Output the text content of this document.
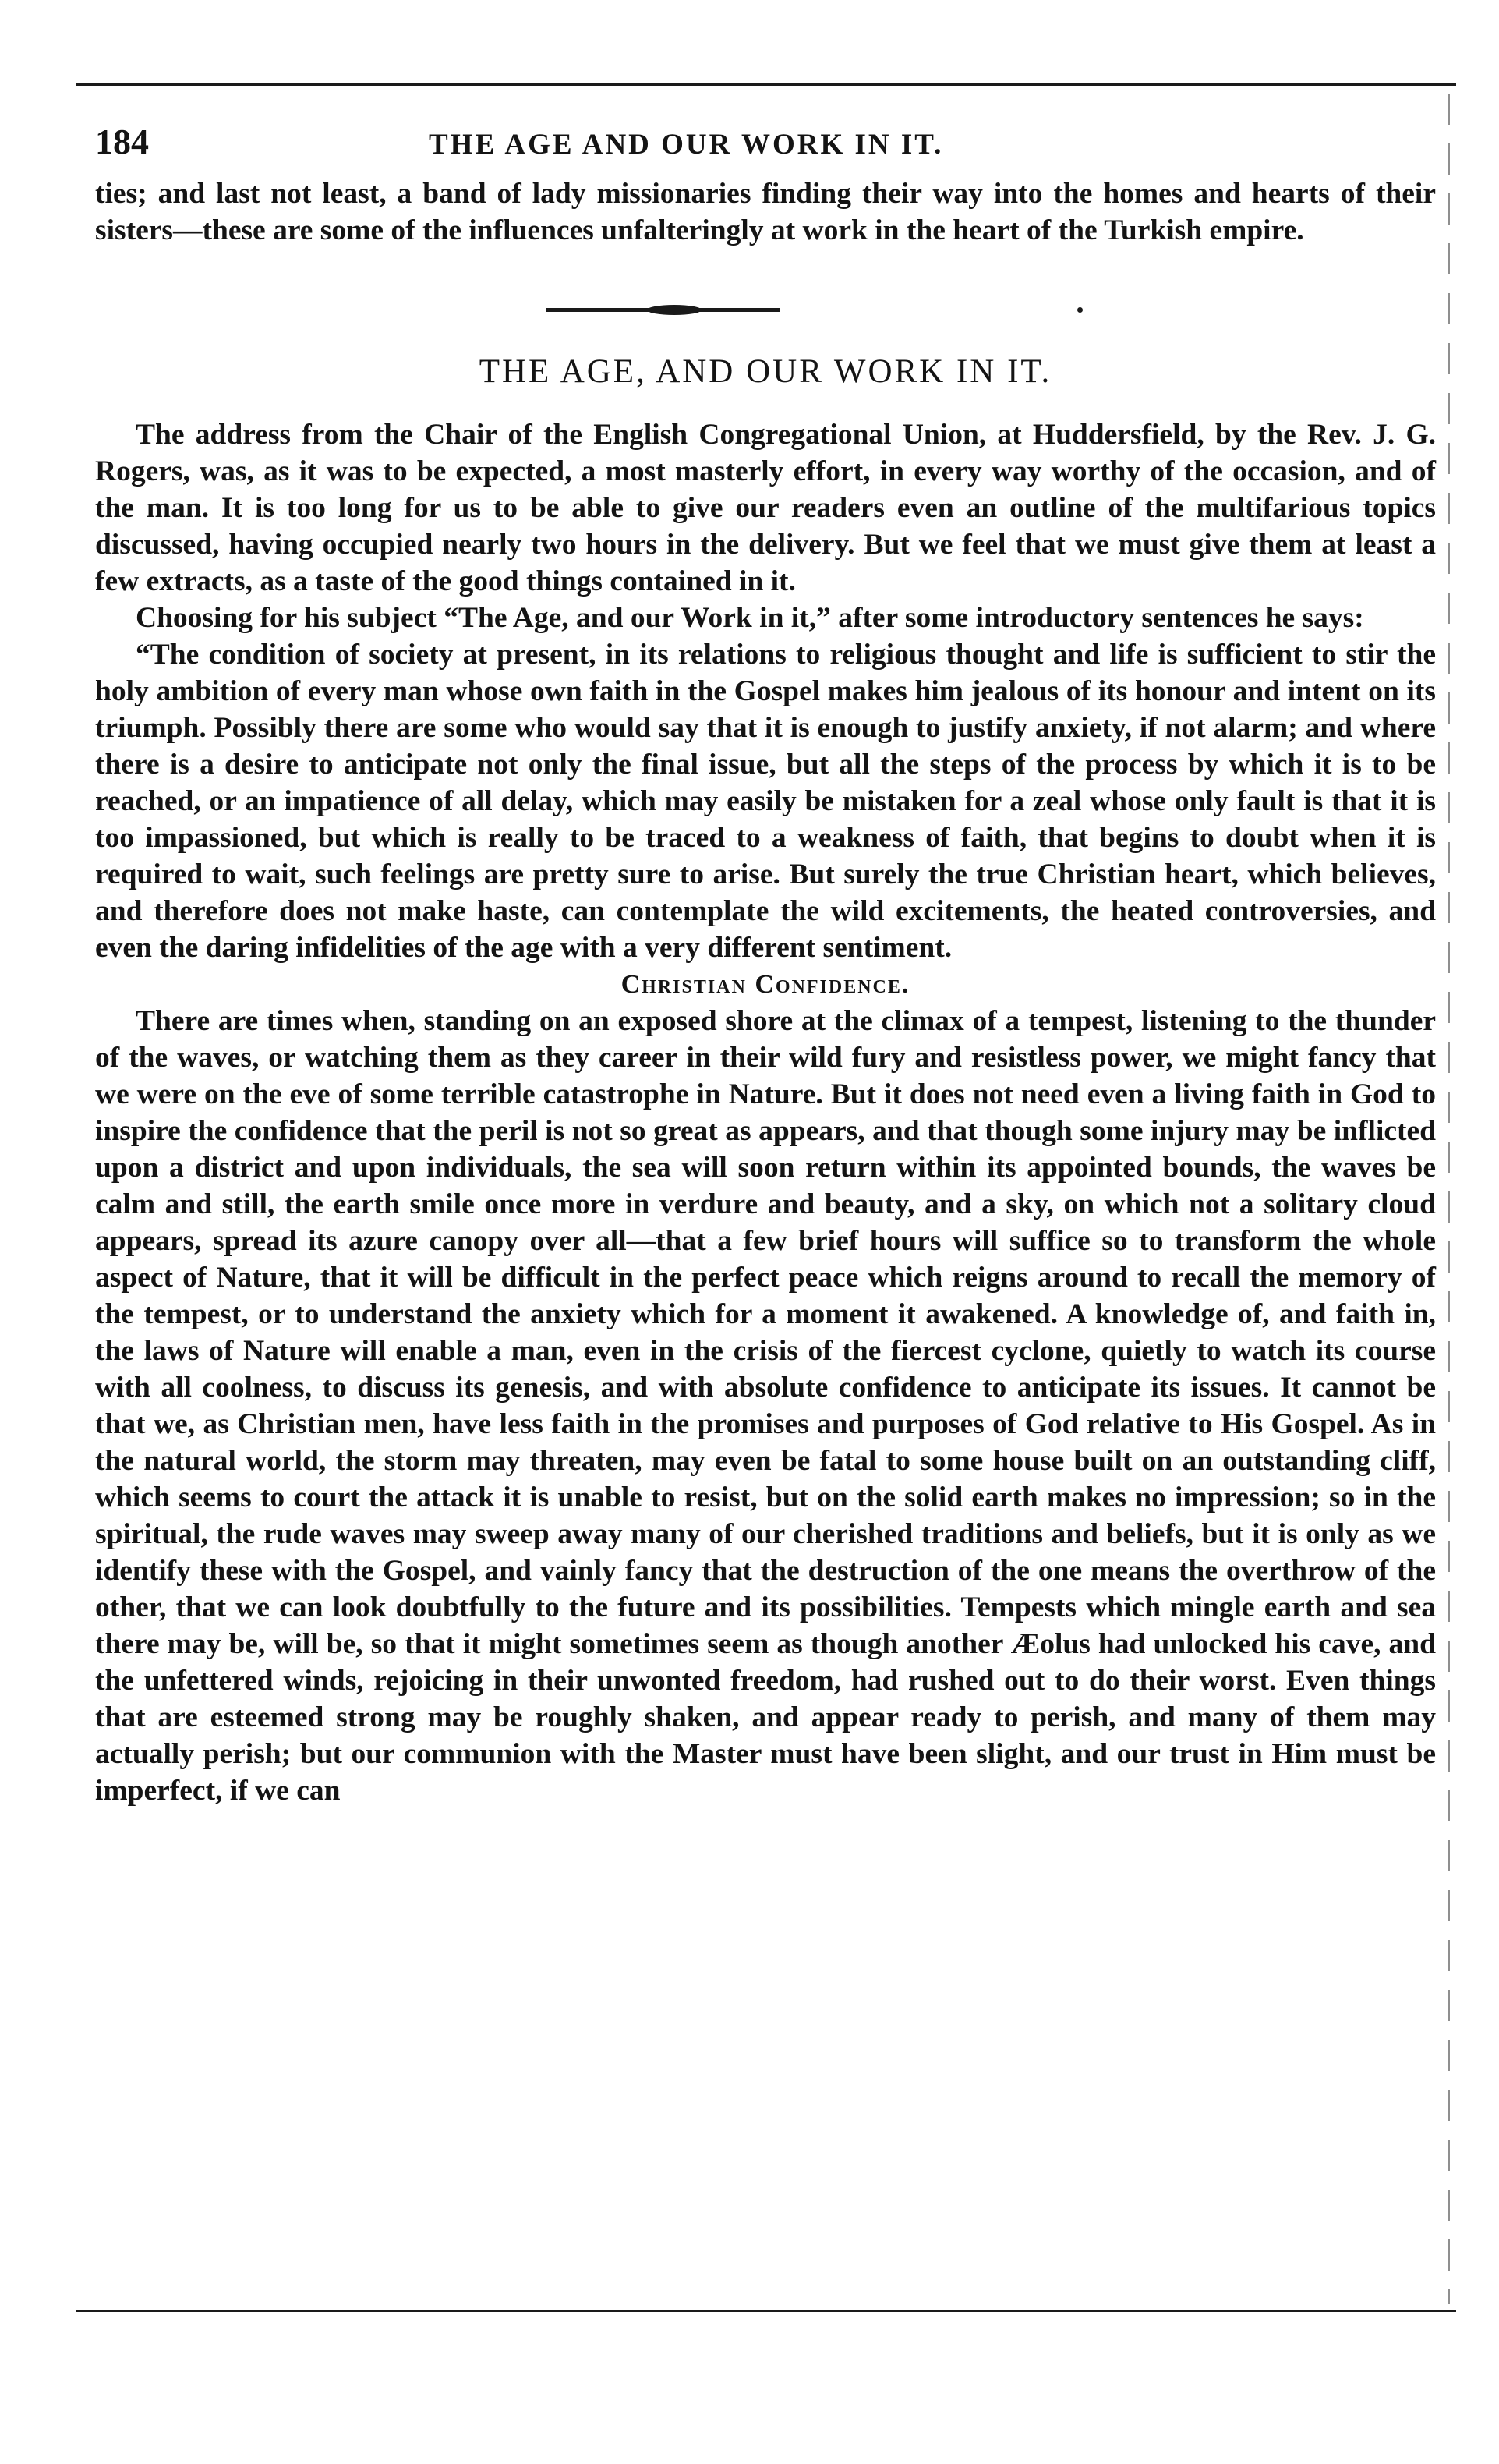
184	THE AGE AND OUR WORK IN IT.

ties; and last not least, a band of lady missionaries finding their way into the homes and hearts of their sisters—these are some of the influences unfalteringly at work in the heart of the Turkish empire.

THE AGE, AND OUR WORK IN IT.

The address from the Chair of the English Congregational Union, at Huddersfield, by the Rev. J. G. Rogers, was, as it was to be expected, a most masterly effort, in every way worthy of the occasion, and of the man. It is too long for us to be able to give our readers even an outline of the multifarious topics discussed, having occupied nearly two hours in the delivery. But we feel that we must give them at least a few extracts, as a taste of the good things contained in it.

Choosing for his subject “The Age, and our Work in it,” after some introductory sentences he says:

“The condition of society at present, in its relations to religious thought and life is sufficient to stir the holy ambition of every man whose own faith in the Gospel makes him jealous of its honour and intent on its triumph. Possibly there are some who would say that it is enough to justify anxiety, if not alarm; and where there is a desire to anticipate not only the final issue, but all the steps of the process by which it is to be reached, or an impatience of all delay, which may easily be mistaken for a zeal whose only fault is that it is too impassioned, but which is really to be traced to a weakness of faith, that begins to doubt when it is required to wait, such feelings are pretty sure to arise. But surely the true Christian heart, which believes, and therefore does not make haste, can contemplate the wild excitements, the heated controversies, and even the daring infidelities of the age with a very different sentiment.

Christian Confidence.

There are times when, standing on an exposed shore at the climax of a tempest, listening to the thunder of the waves, or watching them as they career in their wild fury and resistless power, we might fancy that we were on the eve of some terrible catastrophe in Nature. But it does not need even a living faith in God to inspire the confidence that the peril is not so great as appears, and that though some injury may be inflicted upon a district and upon individuals, the sea will soon return within its appointed bounds, the waves be calm and still, the earth smile once more in verdure and beauty, and a sky, on which not a solitary cloud appears, spread its azure canopy over all—that a few brief hours will suffice so to transform the whole aspect of Nature, that it will be difficult in the perfect peace which reigns around to recall the memory of the tempest, or to understand the anxiety which for a moment it awakened. A knowledge of, and faith in, the laws of Nature will enable a man, even in the crisis of the fiercest cyclone, quietly to watch its course with all coolness, to discuss its genesis, and with absolute confidence to anticipate its issues. It cannot be that we, as Christian men, have less faith in the promises and purposes of God relative to His Gospel. As in the natural world, the storm may threaten, may even be fatal to some house built on an outstanding cliff, which seems to court the attack it is unable to resist, but on the solid earth makes no impression; so in the spiritual, the rude waves may sweep away many of our cherished traditions and beliefs, but it is only as we identify these with the Gospel, and vainly fancy that the destruction of the one means the overthrow of the other, that we can look doubtfully to the future and its possibilities. Tempests which mingle earth and sea there may be, will be, so that it might sometimes seem as though another Æolus had unlocked his cave, and the unfettered winds, rejoicing in their unwonted freedom, had rushed out to do their worst. Even things that are esteemed strong may be roughly shaken, and appear ready to perish, and many of them may actually perish; but our communion with the Master must have been slight, and our trust in Him must be imperfect, if we can
